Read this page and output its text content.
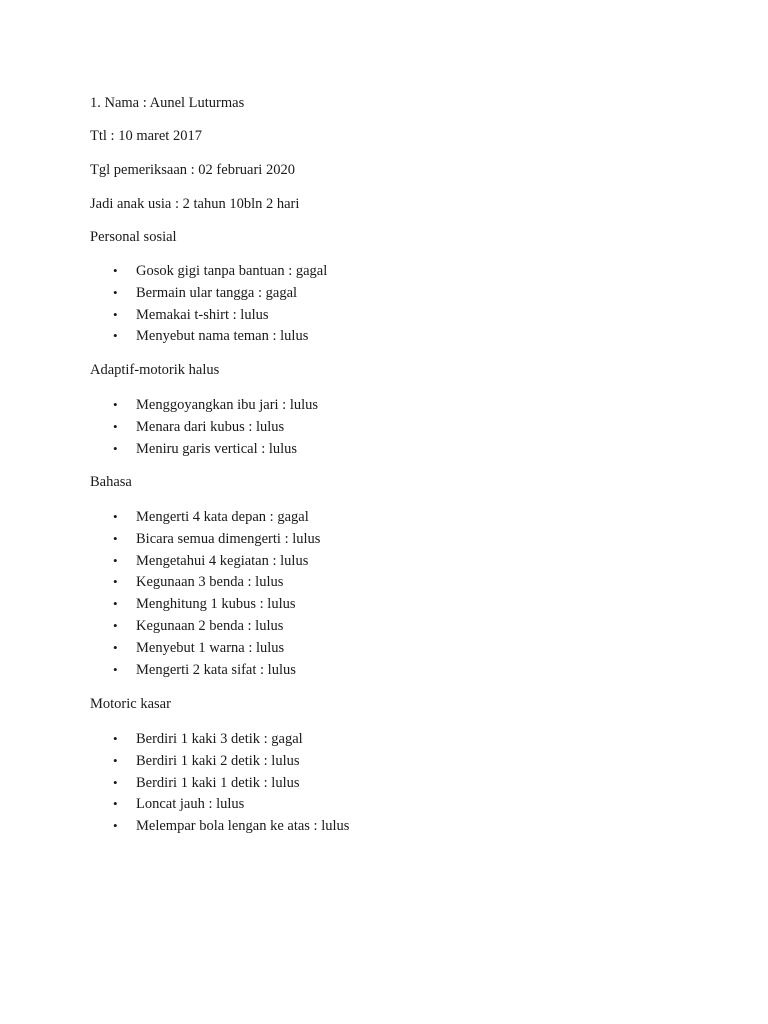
1. Nama : Aunel Luturmas
Ttl : 10 maret 2017
Tgl pemeriksaan : 02 februari 2020
Jadi anak usia : 2 tahun 10bln 2 hari
Personal sosial
• Gosok gigi tanpa bantuan : gagal
• Bermain ular tangga : gagal
• Memakai t-shirt : lulus
• Menyebut nama teman : lulus
Adaptif-motorik halus
• Menggoyangkan ibu jari : lulus
• Menara dari kubus : lulus
• Meniru garis vertical : lulus
Bahasa
• Mengerti 4 kata depan : gagal
• Bicara semua dimengerti : lulus
• Mengetahui 4 kegiatan : lulus
• Kegunaan 3 benda : lulus
• Menghitung 1 kubus : lulus
• Kegunaan 2 benda : lulus
• Menyebut 1 warna : lulus
• Mengerti 2 kata sifat : lulus
Motoric kasar
• Berdiri 1 kaki 3 detik : gagal
• Berdiri 1 kaki 2 detik : lulus
• Berdiri 1 kaki 1 detik : lulus
• Loncat jauh : lulus
• Melempar bola lengan ke atas : lulus
